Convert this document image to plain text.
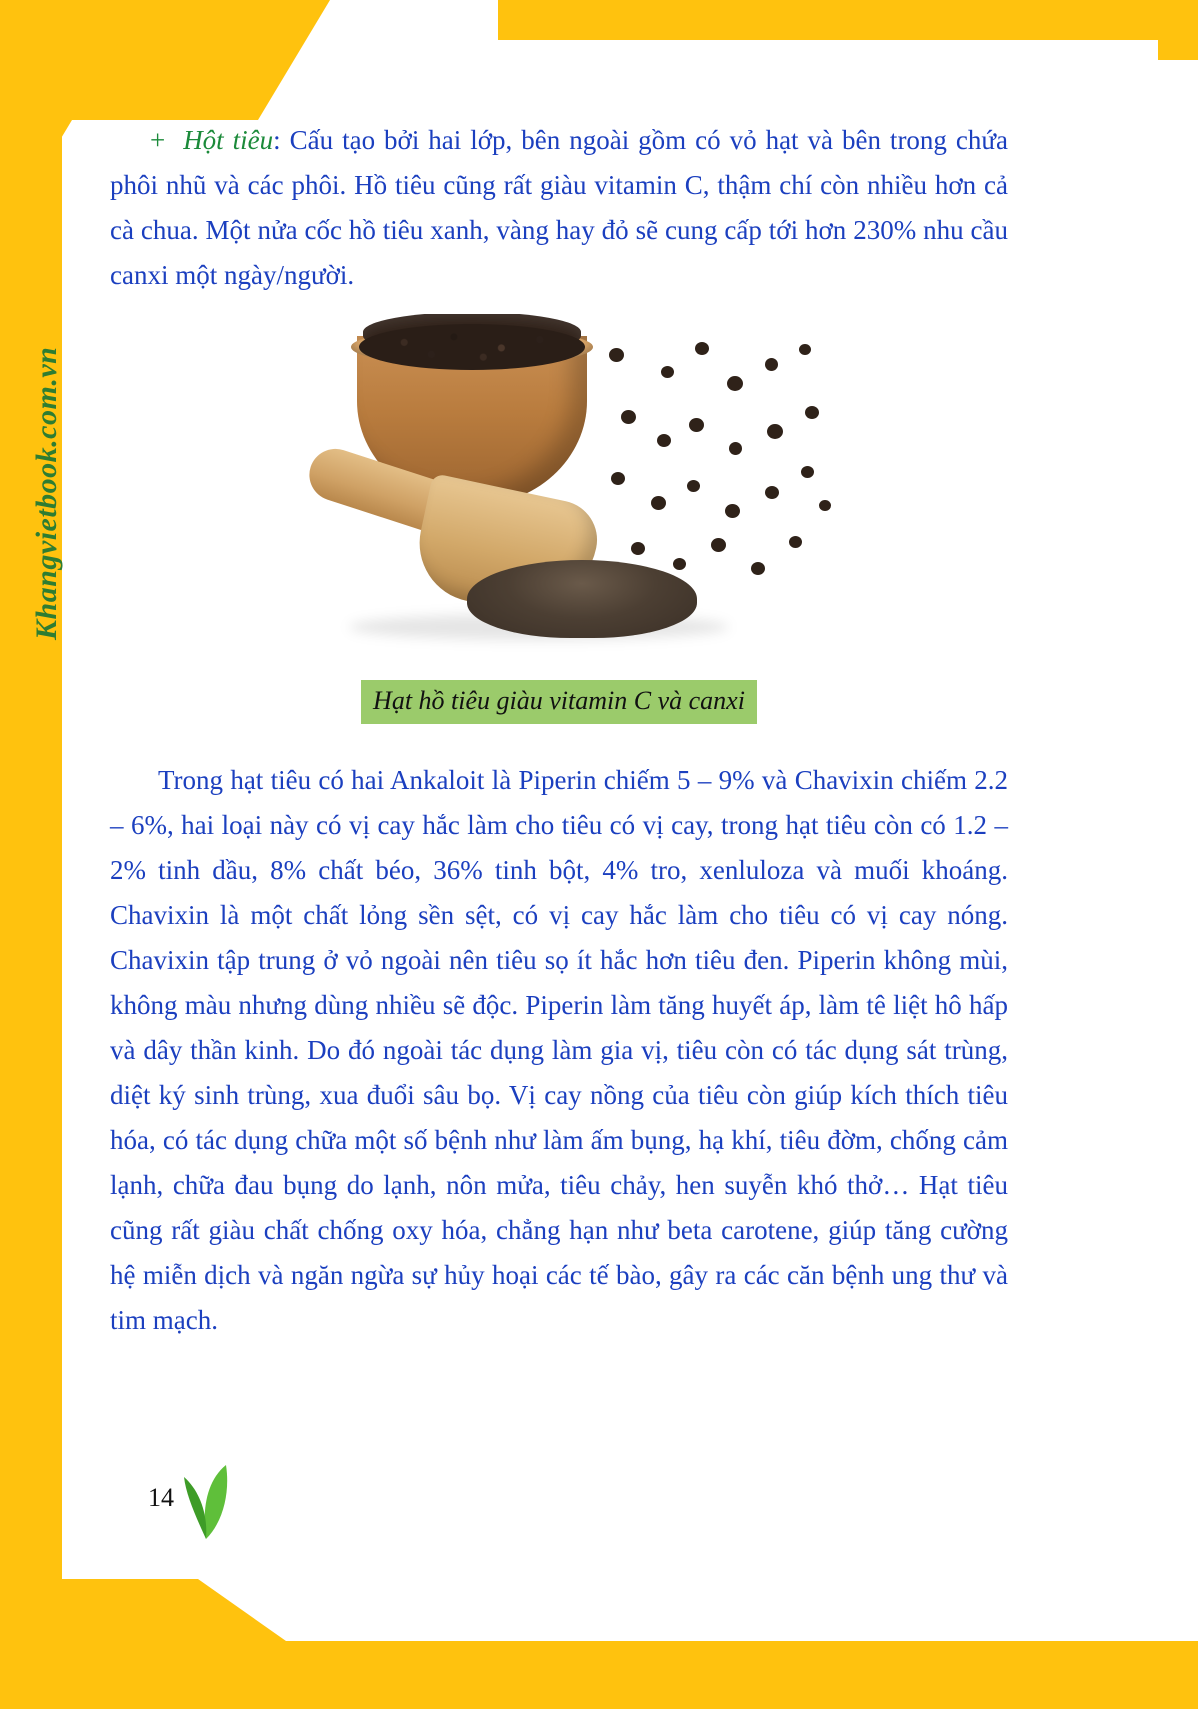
Khangvietbook.com.vn

+ Hột tiêu: Cấu tạo bởi hai lớp, bên ngoài gồm có vỏ hạt và bên trong chứa phôi nhũ và các phôi. Hồ tiêu cũng rất giàu vitamin C, thậm chí còn nhiều hơn cả cà chua. Một nửa cốc hồ tiêu xanh, vàng hay đỏ sẽ cung cấp tới hơn 230% nhu cầu canxi một ngày/người.

Hạt hồ tiêu giàu vitamin C và canxi

Trong hạt tiêu có hai Ankaloit là Piperin chiếm 5 – 9% và Chavixin chiếm 2.2 – 6%, hai loại này có vị cay hắc làm cho tiêu có vị cay, trong hạt tiêu còn có 1.2 – 2% tinh dầu, 8% chất béo, 36% tinh bột, 4% tro, xenluloza và muối khoáng. Chavixin là một chất lỏng sền sệt, có vị cay hắc làm cho tiêu có vị cay nóng. Chavixin tập trung ở vỏ ngoài nên tiêu sọ ít hắc hơn tiêu đen. Piperin không mùi, không màu nhưng dùng nhiều sẽ độc. Piperin làm tăng huyết áp, làm tê liệt hô hấp và dây thần kinh. Do đó ngoài tác dụng làm gia vị, tiêu còn có tác dụng sát trùng, diệt ký sinh trùng, xua đuổi sâu bọ. Vị cay nồng của tiêu còn giúp kích thích tiêu hóa, có tác dụng chữa một số bệnh như làm ấm bụng, hạ khí, tiêu đờm, chống cảm lạnh, chữa đau bụng do lạnh, nôn mửa, tiêu chảy, hen suyễn khó thở… Hạt tiêu cũng rất giàu chất chống oxy hóa, chẳng hạn như beta carotene, giúp tăng cường hệ miễn dịch và ngăn ngừa sự hủy hoại các tế bào, gây ra các căn bệnh ung thư và tim mạch.

14
